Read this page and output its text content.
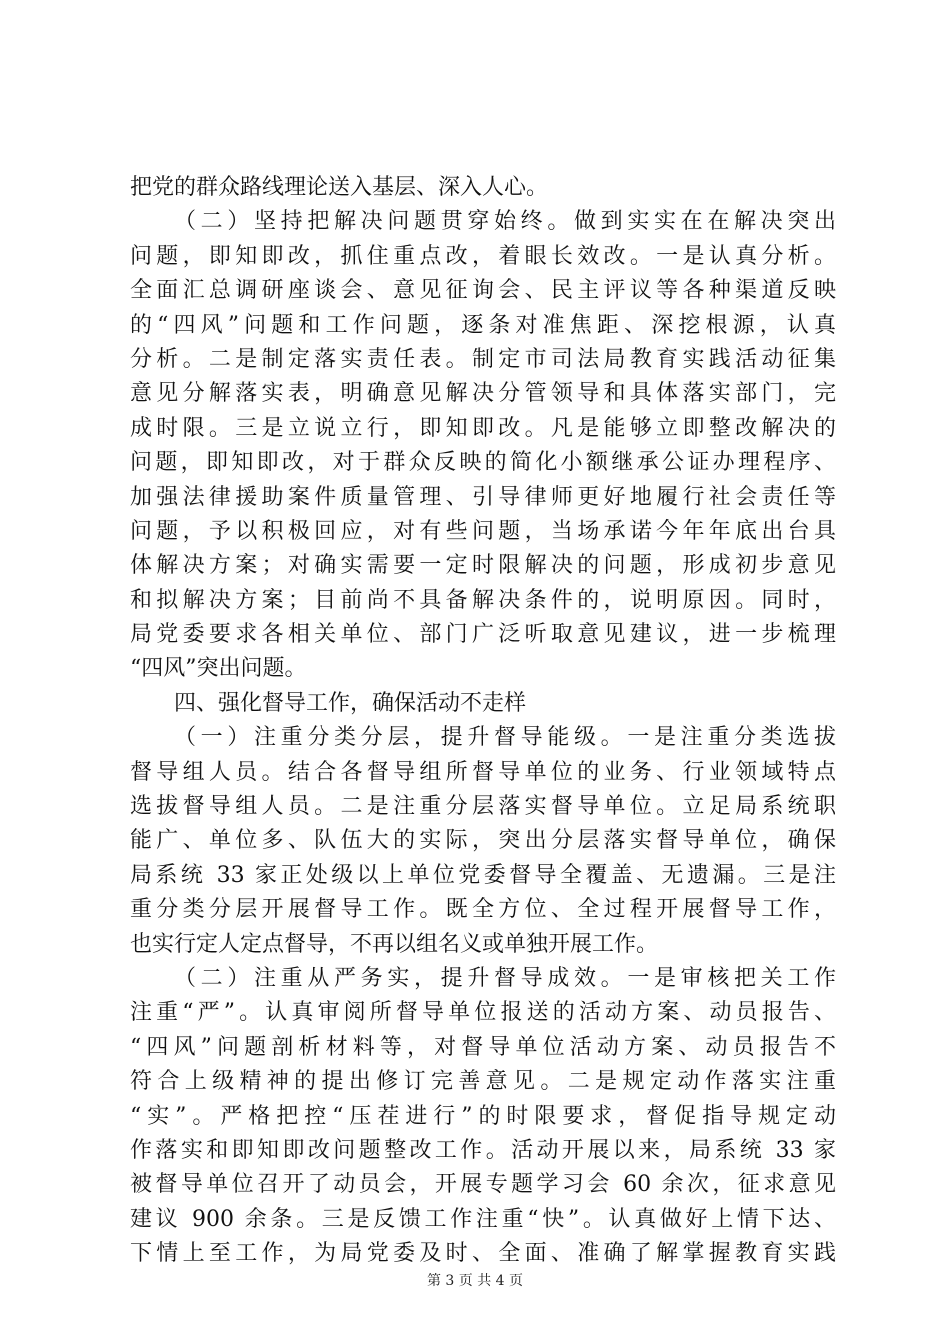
把党的群众路线理论送入基层、深入人心。
（二）坚持把解决问题贯穿始终。做到实实在在解决突出
问题，即知即改，抓住重点改，着眼长效改。一是认真分析。
全面汇总调研座谈会、意见征询会、民主评议等各种渠道反映
的“四风”问题和工作问题，逐条对准焦距、深挖根源，认真
分析。二是制定落实责任表。制定市司法局教育实践活动征集
意见分解落实表，明确意见解决分管领导和具体落实部门，完
成时限。三是立说立行，即知即改。凡是能够立即整改解决的
问题，即知即改，对于群众反映的简化小额继承公证办理程序、
加强法律援助案件质量管理、引导律师更好地履行社会责任等
问题，予以积极回应，对有些问题，当场承诺今年年底出台具
体解决方案；对确实需要一定时限解决的问题，形成初步意见
和拟解决方案；目前尚不具备解决条件的，说明原因。同时，
局党委要求各相关单位、部门广泛听取意见建议，进一步梳理
“四风”突出问题。
四、强化督导工作，确保活动不走样
（一）注重分类分层，提升督导能级。一是注重分类选拔
督导组人员。结合各督导组所督导单位的业务、行业领域特点
选拔督导组人员。二是注重分层落实督导单位。立足局系统职
能广、单位多、队伍大的实际，突出分层落实督导单位，确保
局系统 33 家正处级以上单位党委督导全覆盖、无遗漏。三是注
重分类分层开展督导工作。既全方位、全过程开展督导工作，
也实行定人定点督导，不再以组名义或单独开展工作。
（二）注重从严务实，提升督导成效。一是审核把关工作
注重“严”。认真审阅所督导单位报送的活动方案、动员报告、
“四风”问题剖析材料等，对督导单位活动方案、动员报告不
符合上级精神的提出修订完善意见。二是规定动作落实注重
“实”。严格把控“压茬进行”的时限要求，督促指导规定动
作落实和即知即改问题整改工作。活动开展以来，局系统 33 家
被督导单位召开了动员会，开展专题学习会 60 余次，征求意见
建议 900 余条。三是反馈工作注重“快”。认真做好上情下达、
下情上至工作，为局党委及时、全面、准确了解掌握教育实践
第 3 页 共 4 页
